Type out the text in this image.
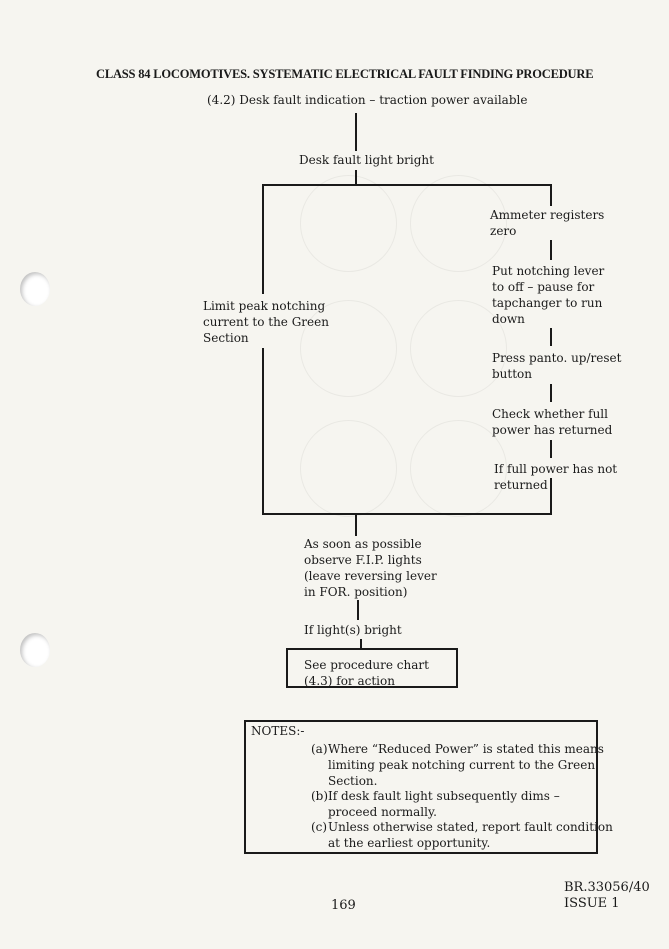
CLASS 84 LOCOMOTIVES. SYSTEMATIC ELECTRICAL FAULT FINDING PROCEDURE
(4.2) Desk fault indication – traction power available
Desk fault light bright
Limit peak notching
current to the Green
Section
Ammeter registers
zero
Put notching lever
to off – pause for
tapchanger to run
down
Press panto. up/reset
button
Check whether full
power has returned
If full power has not
returned
As soon as possible
observe F.I.P. lights
(leave reversing lever
in FOR. position)
If light(s) bright
See procedure chart
(4.3) for action
NOTES:-
(a) Where “Reduced Power” is stated this means
limiting peak notching current to the Green
Section.
(b) If desk fault light subsequently dims –
proceed normally.
(c) Unless otherwise stated, report fault condition
at the earliest opportunity.
169
BR.33056/40
ISSUE 1
